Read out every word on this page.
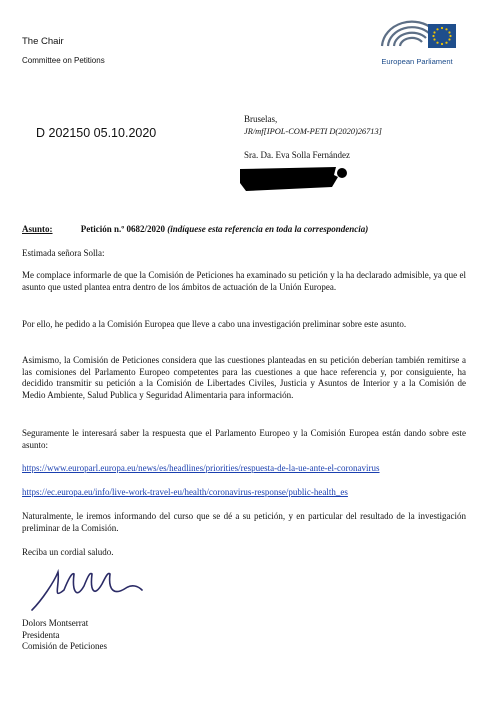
The Chair
Committee on Petitions	European Parliament
D 202150 05.10.2020
Bruselas,
JR/mf[IPOL-COM-PETI D(2020)26713]
Sra. Da. Eva Solla Fernández
Asunto:	Petición n.º 0682/2020 (indíquese esta referencia en toda la correspondencia)
Estimada señora Solla:
Me complace informarle de que la Comisión de Peticiones ha examinado su petición y la ha declarado admisible, ya que el asunto que usted plantea entra dentro de los ámbitos de actuación de la Unión Europea.
Por ello, he pedido a la Comisión Europea que lleve a cabo una investigación preliminar sobre este asunto.
Asimismo, la Comisión de Peticiones considera que las cuestiones planteadas en su petición deberían también remitirse a las comisiones del Parlamento Europeo competentes para las cuestiones a que hace referencia y, por consiguiente, ha decidido transmitir su petición a la Comisión de Libertades Civiles, Justicia y Asuntos de Interior y a la Comisión de Medio Ambiente, Salud Publica y Seguridad Alimentaria para información.
Seguramente le interesará saber la respuesta que el Parlamento Europeo y la Comisión Europea están dando sobre este asunto:
https://www.europarl.europa.eu/news/es/headlines/priorities/respuesta-de-la-ue-ante-el-coronavirus
https://ec.europa.eu/info/live-work-travel-eu/health/coronavirus-response/public-health_es
Naturalmente, le iremos informando del curso que se dé a su petición, y en particular del resultado de la investigación preliminar de la Comisión.
Reciba un cordial saludo.
Dolors Montserrat
Presidenta
Comisión de Peticiones
